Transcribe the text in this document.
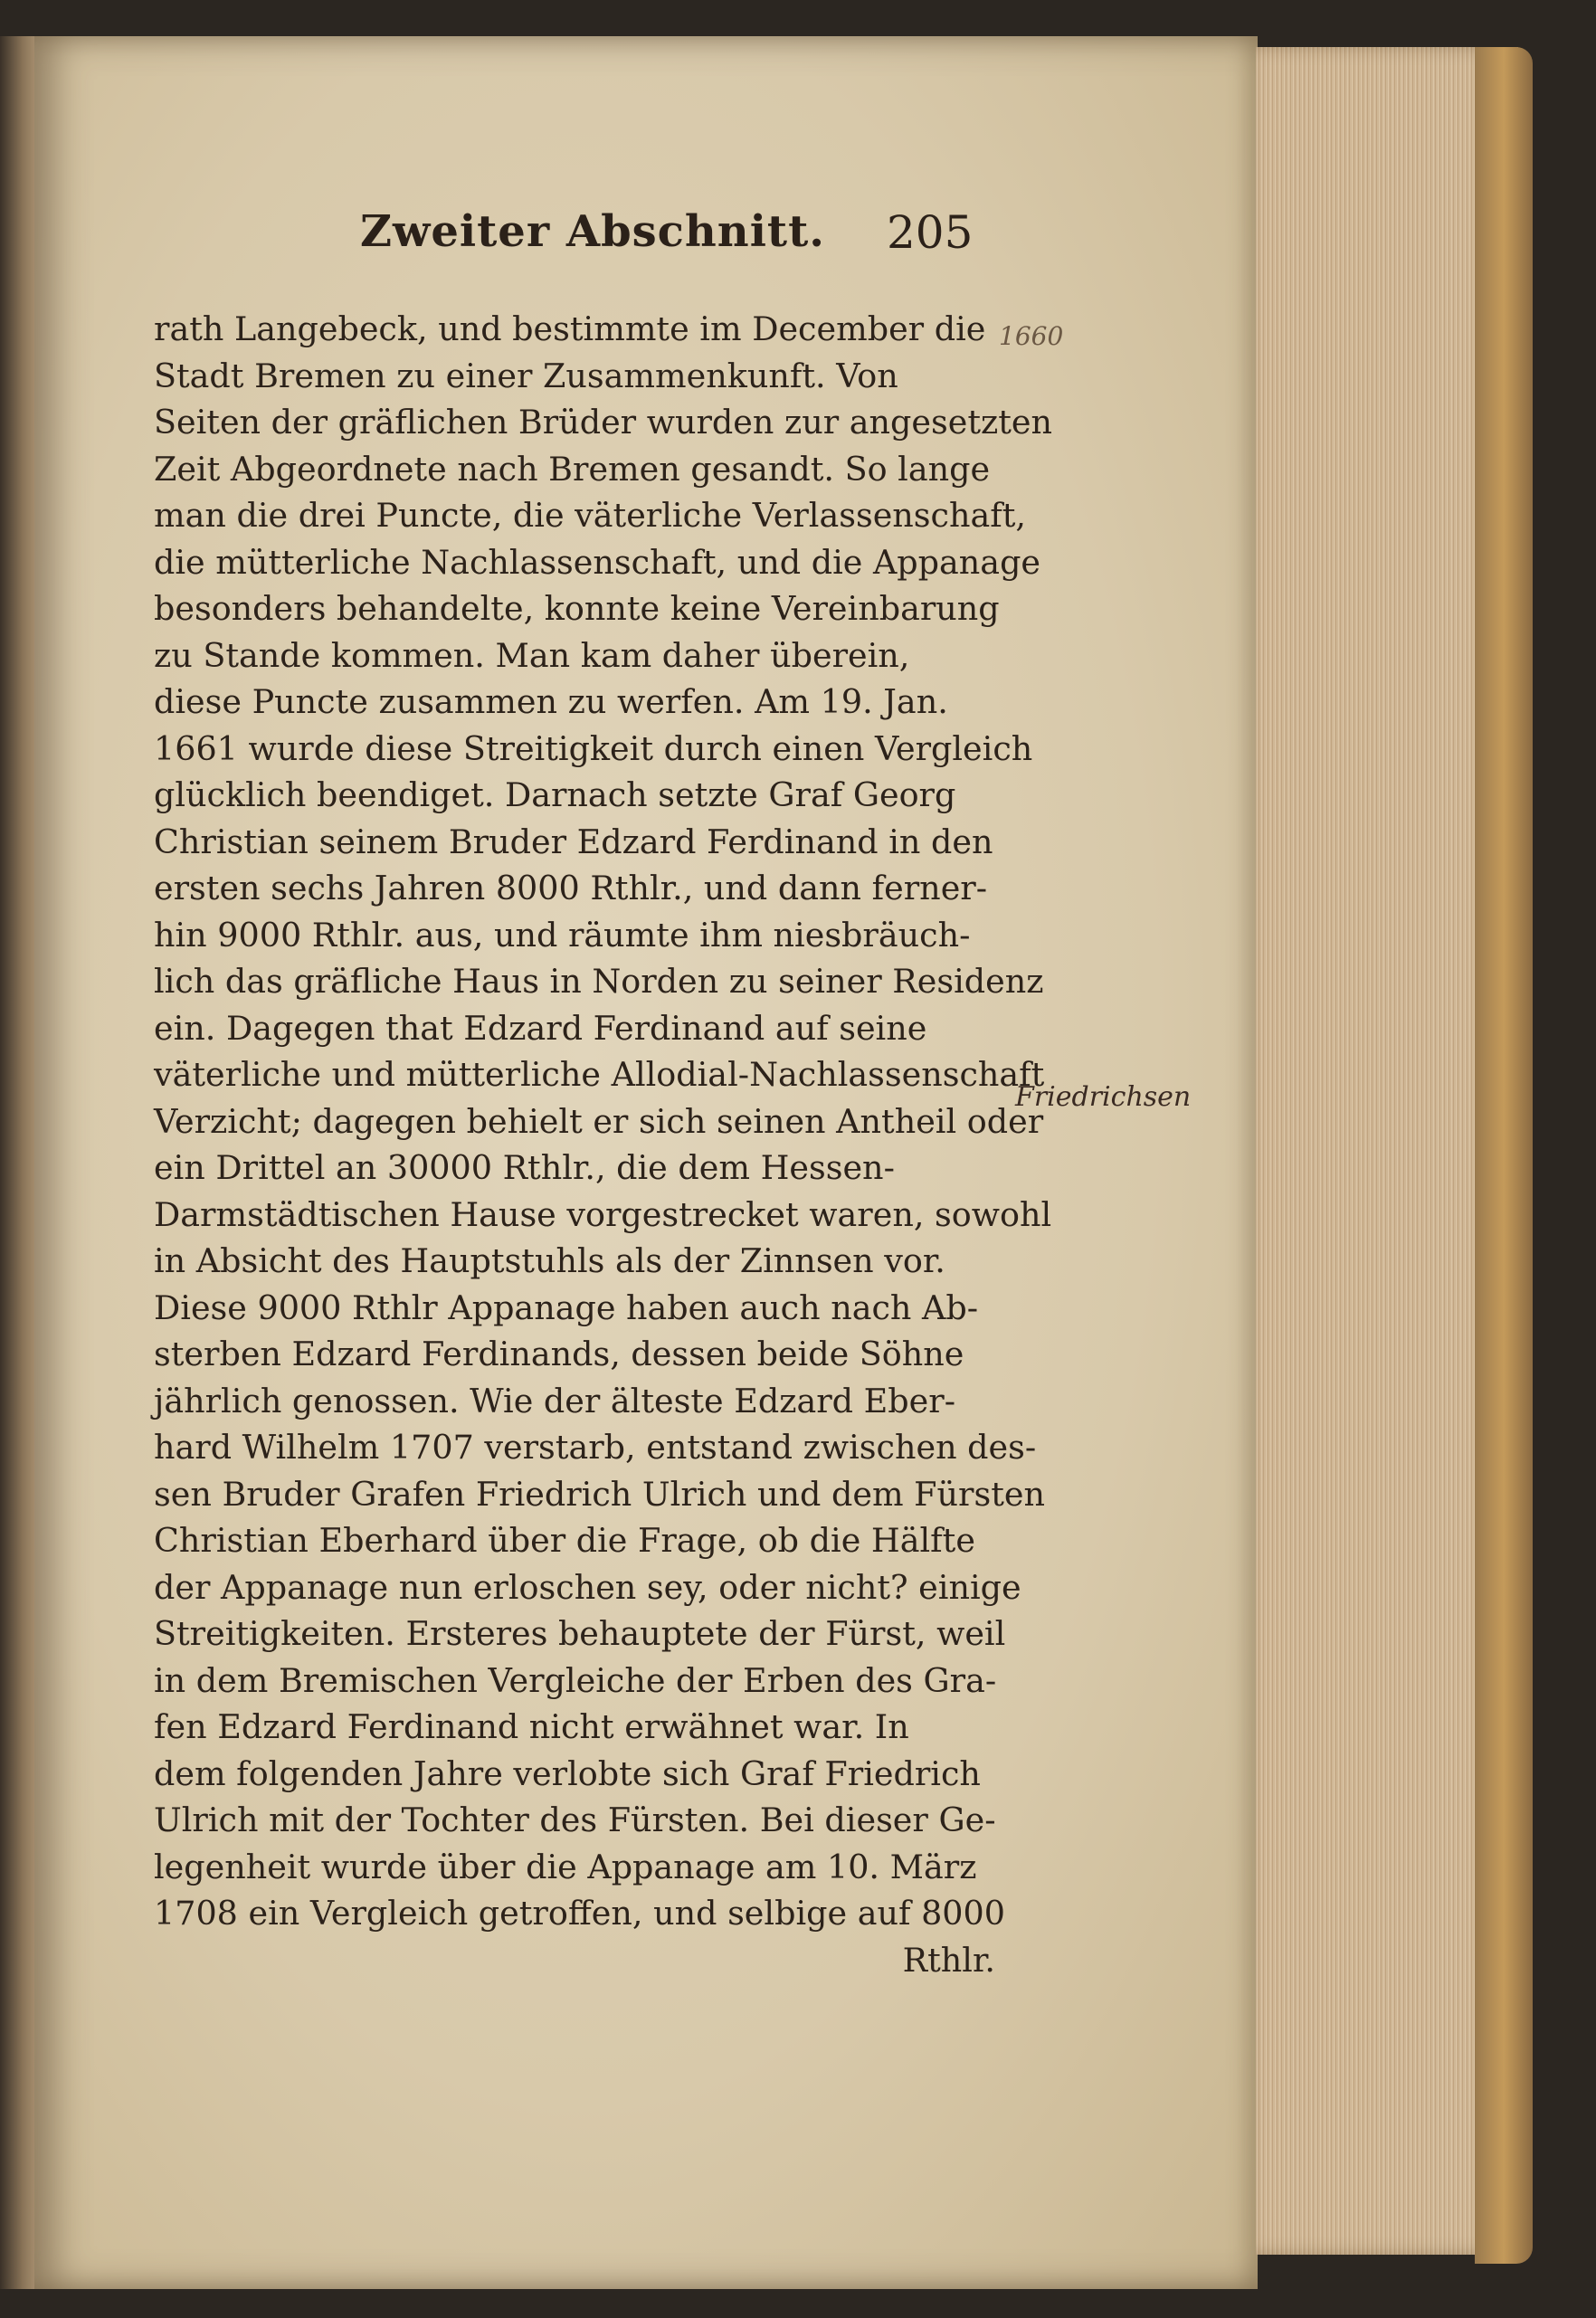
Zweiter Abschnitt. 205
1660
rath Langebeck, und bestimmte im December die
Stadt Bremen zu einer Zusammenkunft. Von
Seiten der gräflichen Brüder wurden zur angesetzten
Zeit Abgeordnete nach Bremen gesandt. So lange
man die drei Puncte, die väterliche Verlassenschaft,
die mütterliche Nachlassenschaft, und die Appanage
besonders behandelte, konnte keine Vereinbarung
zu Stande kommen. Man kam daher überein,
diese Puncte zusammen zu werfen. Am 19. Jan.
1661 wurde diese Streitigkeit durch einen Vergleich
glücklich beendiget. Darnach setzte Graf Georg
Christian seinem Bruder Edzard Ferdinand in den
ersten sechs Jahren 8000 Rthlr., und dann ferner-
hin 9000 Rthlr. aus, und räumte ihm niesbräuch-
lich das gräfliche Haus in Norden zu seiner Residenz
ein. Dagegen that Edzard Ferdinand auf seine
väterliche und mütterliche Allodial-Nachlassenschaft
Verzicht; dagegen behielt er sich seinen Antheil oder
ein Drittel an 30000 Rthlr., die dem Hessen-
Darmstädtischen Hause vorgestrecket waren, sowohl
in Absicht des Hauptstuhls als der Zinnsen vor.
Diese 9000 Rthlr Appanage haben auch nach Ab-
sterben Edzard Ferdinands, dessen beide Söhne
jährlich genossen. Wie der älteste Edzard Eber-
hard Wilhelm 1707 verstarb, entstand zwischen des-
sen Bruder Grafen Friedrich Ulrich und dem Fürsten
Christian Eberhard über die Frage, ob die Hälfte
der Appanage nun erloschen sey, oder nicht? einige
Streitigkeiten. Ersteres behauptete der Fürst, weil
in dem Bremischen Vergleiche der Erben des Gra-
fen Edzard Ferdinand nicht erwähnet war. In
dem folgenden Jahre verlobte sich Graf Friedrich
Ulrich mit der Tochter des Fürsten. Bei dieser Ge-
legenheit wurde über die Appanage am 10. März
1708 ein Vergleich getroffen, und selbige auf 8000
Rthlr.
Friedrichsen
